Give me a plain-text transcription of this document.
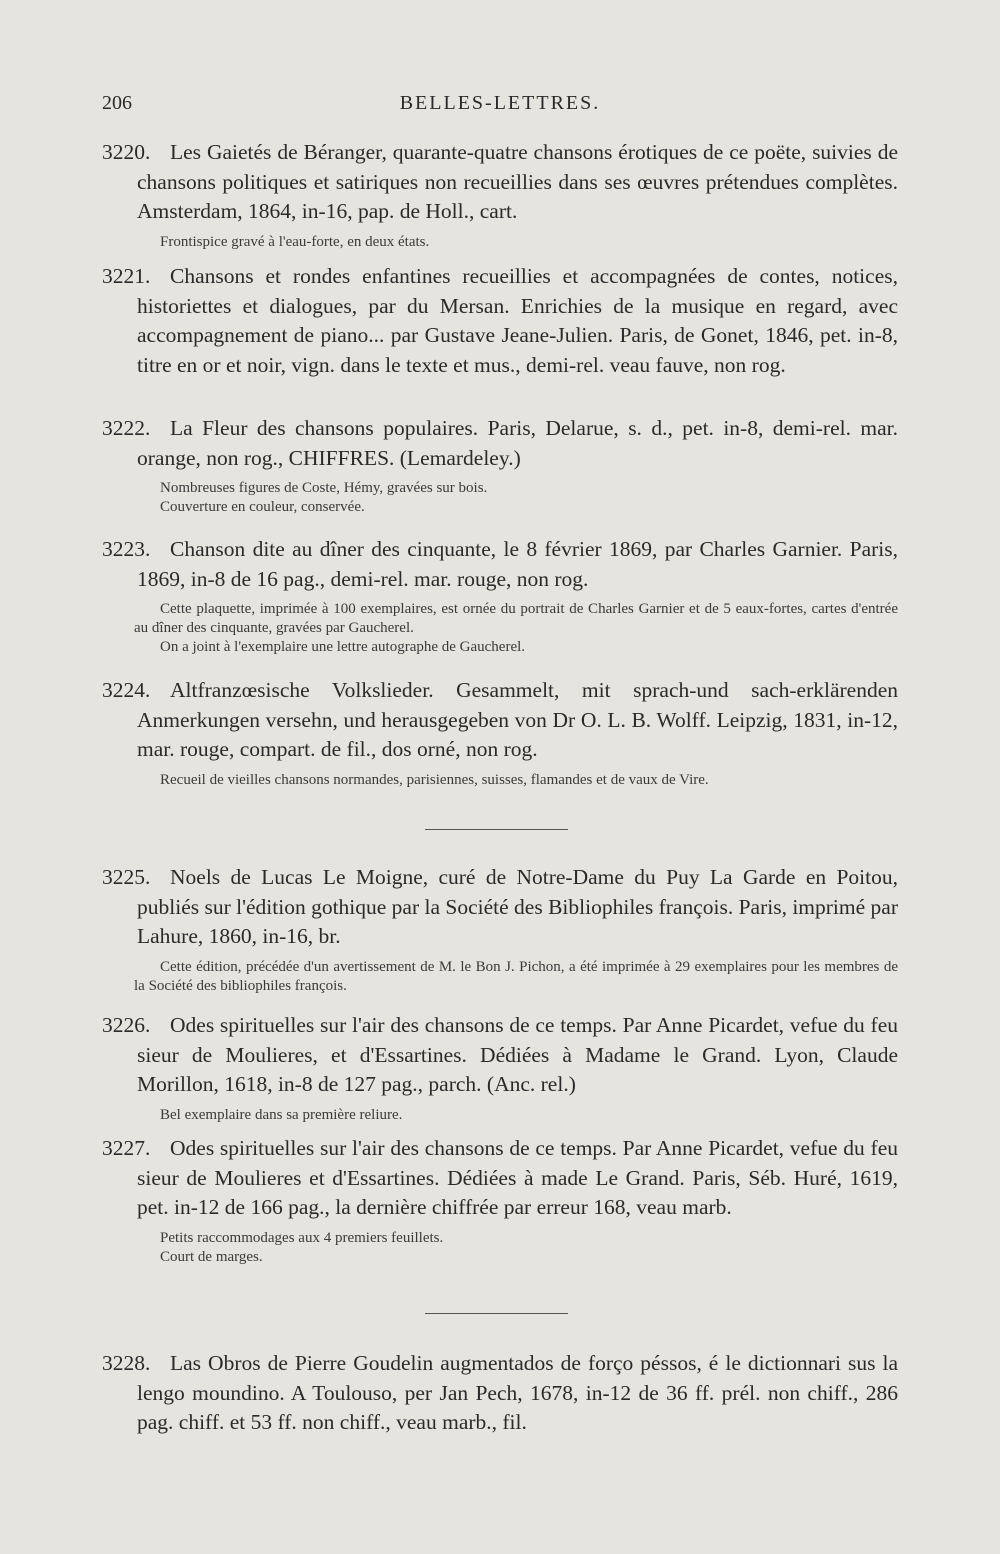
206	BELLES-LETTRES.
3220. Les Gaietés de Béranger, quarante-quatre chansons érotiques de ce poëte, suivies de chansons politiques et satiriques non recueillies dans ses œuvres prétendues complètes. Amsterdam, 1864, in-16, pap. de Holl., cart.
Frontispice gravé à l'eau-forte, en deux états.
3221. Chansons et rondes enfantines recueillies et accompagnées de contes, notices, historiettes et dialogues, par du Mersan. Enrichies de la musique en regard, avec accompagnement de piano... par Gustave Jeane-Julien. Paris, de Gonet, 1846, pet. in-8, titre en or et noir, vign. dans le texte et mus., demi-rel. veau fauve, non rog.
3222. La Fleur des chansons populaires. Paris, Delarue, s. d., pet. in-8, demi-rel. mar. orange, non rog., CHIFFRES. (Lemardeley.)
Nombreuses figures de Coste, Hémy, gravées sur bois.
Couverture en couleur, conservée.
3223. Chanson dite au dîner des cinquante, le 8 février 1869, par Charles Garnier. Paris, 1869, in-8 de 16 pag., demi-rel. mar. rouge, non rog.
Cette plaquette, imprimée à 100 exemplaires, est ornée du portrait de Charles Garnier et de 5 eaux-fortes, cartes d'entrée au dîner des cinquante, gravées par Gaucherel.
On a joint à l'exemplaire une lettre autographe de Gaucherel.
3224. Altfranzœsische Volkslieder. Gesammelt, mit sprach-und sach-erklärenden Anmerkungen versehn, und herausgegeben von Dr O. L. B. Wolff. Leipzig, 1831, in-12, mar. rouge, compart. de fil., dos orné, non rog.
Recueil de vieilles chansons normandes, parisiennes, suisses, flamandes et de vaux de Vire.
3225. Noels de Lucas Le Moigne, curé de Notre-Dame du Puy La Garde en Poitou, publiés sur l'édition gothique par la Société des Bibliophiles françois. Paris, imprimé par Lahure, 1860, in-16, br.
Cette édition, précédée d'un avertissement de M. le Bon J. Pichon, a été imprimée à 29 exemplaires pour les membres de la Société des bibliophiles françois.
3226. Odes spirituelles sur l'air des chansons de ce temps. Par Anne Picardet, vefue du feu sieur de Moulieres, et d'Essartines. Dédiées à Madame le Grand. Lyon, Claude Morillon, 1618, in-8 de 127 pag., parch. (Anc. rel.)
Bel exemplaire dans sa première reliure.
3227. Odes spirituelles sur l'air des chansons de ce temps. Par Anne Picardet, vefue du feu sieur de Moulieres et d'Essartines. Dédiées à made Le Grand. Paris, Séb. Huré, 1619, pet. in-12 de 166 pag., la dernière chiffrée par erreur 168, veau marb.
Petits raccommodages aux 4 premiers feuillets.
Court de marges.
3228. Las Obros de Pierre Goudelin augmentados de forço péssos, é le dictionnari sus la lengo moundino. A Toulouso, per Jan Pech, 1678, in-12 de 36 ff. prél. non chiff., 286 pag. chiff. et 53 ff. non chiff., veau marb., fil.
